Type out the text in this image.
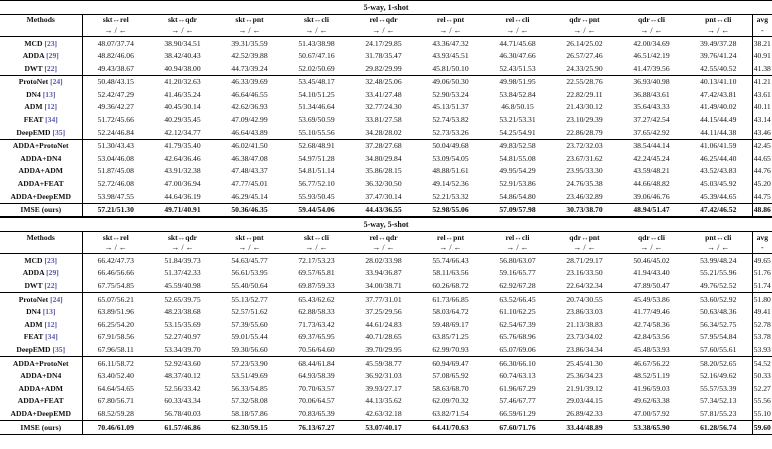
5-way, 1-shot											
Methods	skt↔rel	skt↔qdr	skt↔pnt	skt↔cli	rel↔qdr	rel↔pnt	rel↔cli	qdr↔pnt	qdr↔cli	pnt↔cli	avg
	→ / ←	→ / ←	→ / ←	→ / ←	→ / ←	→ / ←	→ / ←	→ / ←	→ / ←	→ / ←	-
MCD [23]	48.07/37.74	38.90/34.51	39.31/35.59	51.43/38.98	24.17/29.85	43.36/47.32	44.71/45.68	26.14/25.02	42.00/34.69	39.49/37.28	38.21
ADDA [29]	48.82/46.06	38.42/40.43	42.52/39.88	50.67/47.16	31.78/35.47	43.93/45.51	46.30/47.66	26.57/27.46	46.51/42.19	39.76/41.24	40.91
DWT [22]	49.43/38.67	40.94/38.00	44.73/39.24	52.02/50.69	29.82/29.99	45.81/50.10	52.43/51.53	24.33/25.90	41.47/39.56	42.55/40.52	41.38
ProtoNet [24]	50.48/43.15	41.20/32.63	46.33/39.69	53.45/48.17	32.48/25.06	49.06/50.30	49.98/51.95	22.55/28.76	36.93/40.98	40.13/41.10	41.21
DN4 [13]	52.42/47.29	41.46/35.24	46.64/46.55	54.10/51.25	33.41/27.48	52.90/53.24	53.84/52.84	22.82/29.11	36.88/43.61	47.42/43.81	43.61
ADM [12]	49.36/42.27	40.45/30.14	42.62/36.93	51.34/46.64	32.77/24.30	45.13/51.37	46.8/50.15	21.43/30.12	35.64/43.33	41.49/40.02	40.11
FEAT [34]	51.72/45.66	40.29/35.45	47.09/42.99	53.69/50.59	33.81/27.58	52.74/53.82	53.21/53.31	23.10/29.39	37.27/42.54	44.15/44.49	43.14
DeepEMD [35]	52.24/46.84	42.12/34.77	46.64/43.89	55.10/55.56	34.28/28.02	52.73/53.26	54.25/54.91	22.86/28.79	37.65/42.92	44.11/44.38	43.46
ADDA+ProtoNet	51.30/43.43	41.79/35.40	46.02/41.50	52.68/48.91	37.28/27.68	50.04/49.68	49.83/52.58	23.72/32.03	38.54/44.14	41.06/41.59	42.45
ADDA+DN4	53.04/46.08	42.64/36.46	46.38/47.08	54.97/51.28	34.80/29.84	53.09/54.05	54.81/55.08	23.67/31.62	42.24/45.24	46.25/44.40	44.65
ADDA+ADM	51.87/45.08	43.91/32.38	47.48/43.37	54.81/51.14	35.86/28.15	48.88/51.61	49.95/54.29	23.95/33.30	43.59/48.21	43.52/43.83	44.76
ADDA+FEAT	52.72/46.08	47.00/36.94	47.77/45.01	56.77/52.10	36.32/30.50	49.14/52.36	52.91/53.86	24.76/35.38	44.66/48.82	45.03/45.92	45.20
ADDA+DeepEMD	53.98/47.55	44.64/36.19	46.29/45.14	55.93/50.45	37.47/30.14	52.21/53.32	54.86/54.80	23.46/32.89	39.06/46.76	45.39/44.65	44.75
IMSE (ours)	57.21/51.30	49.71/40.91	50.36/46.35	59.44/54.06	44.43/36.55	52.98/55.06	57.09/57.98	30.73/38.70	48.94/51.47	47.42/46.52	48.86
5-way, 5-shot											
Methods	skt↔rel	skt↔qdr	skt↔pnt	skt↔cli	rel↔qdr	rel↔pnt	rel↔cli	qdr↔pnt	qdr↔cli	pnt↔cli	avg
	→ / ←	→ / ←	→ / ←	→ / ←	→ / ←	→ / ←	→ / ←	→ / ←	→ / ←	→ / ←	-
MCD [23]	66.42/47.73	51.84/39.73	54.63/45.77	72.17/53.23	28.02/33.98	55.74/66.43	56.80/63.07	28.71/29.17	50.46/45.02	53.99/48.24	49.65
ADDA [29]	66.46/56.66	51.37/42.33	56.61/53.95	69.57/65.81	33.94/36.87	58.11/63.56	59.16/65.77	23.16/33.50	41.94/43.40	55.21/55.96	51.76
DWT [22]	67.75/54.85	45.59/40.98	55.40/50.64	69.87/59.33	34.00/38.71	60.26/68.72	62.92/67.28	22.64/32.34	47.89/50.47	49.76/52.52	51.74
ProtoNet [24]	65.07/56.21	52.65/39.75	55.13/52.77	65.43/62.62	37.77/31.01	61.73/66.85	63.52/66.45	20.74/30.55	45.49/53.86	53.60/52.92	51.80
DN4 [13]	63.89/51.96	48.23/38.68	52.57/51.62	62.88/58.33	37.25/29.56	58.03/64.72	61.10/62.25	23.86/33.03	41.77/49.46	50.63/48.36	49.41
ADM [12]	66.25/54.20	53.15/35.69	57.39/55.60	71.73/63.42	44.61/24.83	59.48/69.17	62.54/67.39	21.13/38.83	42.74/58.36	56.34/52.75	52.78
FEAT [34]	67.91/58.56	52.27/40.97	59.01/55.44	69.37/65.95	40.71/28.65	63.85/71.25	65.76/68.96	23.73/34.02	42.84/53.56	57.95/54.84	53.78
DeepEMD [35]	67.96/58.11	53.34/39.70	59.30/56.60	70.56/64.60	39.70/29.95	62.99/70.93	65.07/69.06	23.86/34.34	45.48/53.93	57.60/55.61	53.93
ADDA+ProtoNet	66.11/58.72	52.92/43.60	57.23/53.90	68.44/61.84	45.59/38.77	60.94/69.47	66.30/66.10	25.45/41.30	46.67/56.22	58.20/52.65	54.52
ADDA+DN4	63.40/52.40	48.37/40.12	53.51/49.69	64.93/58.39	36.92/31.03	57.08/65.92	60.74/63.13	25.36/34.23	48.52/51.19	52.16/49.62	50.33
ADDA+ADM	64.64/54.65	52.56/33.42	56.33/54.85	70.70/63.57	39.93/27.17	58.63/68.70	61.96/67.29	21.91/39.12	41.96/59.03	55.57/53.39	52.27
ADDA+FEAT	67.80/56.71	60.33/43.34	57.32/58.08	70.06/64.57	44.13/35.62	62.09/70.32	57.46/67.77	29.03/44.15	49.62/63.38	57.34/52.13	55.56
ADDA+DeepEMD	68.52/59.28	56.78/40.03	58.18/57.86	70.83/65.39	42.63/32.18	63.82/71.54	66.59/61.29	26.89/42.33	47.00/57.92	57.81/55.23	55.10
IMSE (ours)	70.46/61.09	61.57/46.86	62.30/59.15	76.13/67.27	53.07/40.17	64.41/70.63	67.60/71.76	33.44/48.89	53.38/65.90	61.28/56.74	59.60
